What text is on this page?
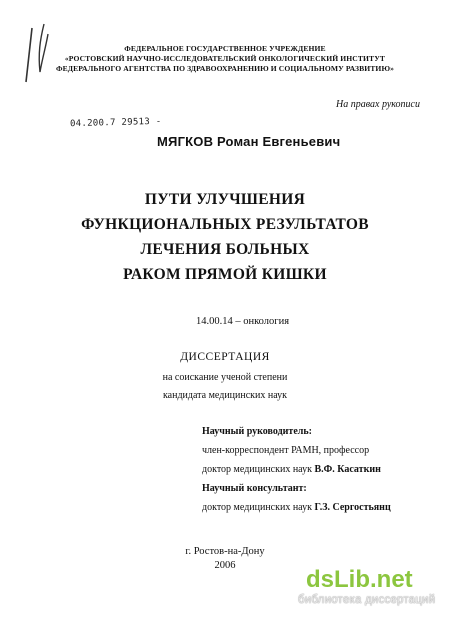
ФЕДЕРАЛЬНОЕ ГОСУДАРСТВЕННОЕ УЧРЕЖДЕНИЕ
«РОСТОВСКИЙ НАУЧНО-ИССЛЕДОВАТЕЛЬСКИЙ ОНКОЛОГИЧЕСКИЙ ИНСТИТУТ
ФЕДЕРАЛЬНОГО АГЕНТСТВА ПО ЗДРАВООХРАНЕНИЮ И СОЦИАЛЬНОМУ РАЗВИТИЮ»
На правах рукописи
04.200.7 29513 -
МЯГКОВ Роман Евгеньевич
ПУТИ УЛУЧШЕНИЯ
ФУНКЦИОНАЛЬНЫХ РЕЗУЛЬТАТОВ
ЛЕЧЕНИЯ БОЛЬНЫХ
РАКОМ ПРЯМОЙ КИШКИ
14.00.14 – онкология
ДИССЕРТАЦИЯ
на соискание ученой степени
кандидата медицинских наук
Научный руководитель:
член-корреспондент РАМН, профессор
доктор медицинских наук В.Ф. Касаткин
Научный консультант:
доктор медицинских наук Г.З. Сергостьянц
г. Ростов-на-Дону
2006
dsLib.net
библиотека диссертаций
